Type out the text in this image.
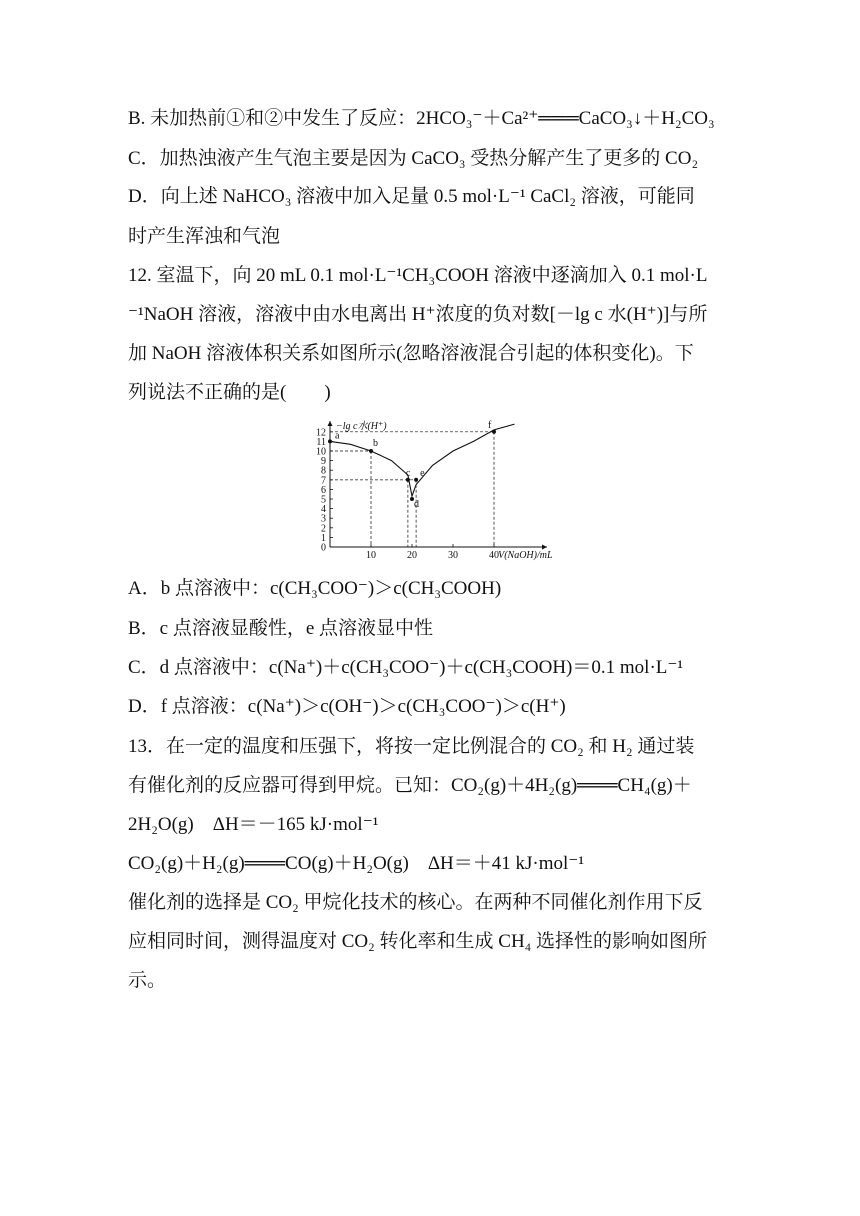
B. 未加热前①和②中发生了反应：2HCO₃⁻＋Ca²⁺═══CaCO₃↓＋H₂CO₃
C．加热浊液产生气泡主要是因为 CaCO₃ 受热分解产生了更多的 CO₂
D．向上述 NaHCO₃ 溶液中加入足量 0.5 mol·L⁻¹ CaCl₂ 溶液，可能同
时产生浑浊和气泡
12. 室温下，向 20 mL 0.1 mol·L⁻¹CH₃COOH 溶液中逐滴加入 0.1 mol·L
⁻¹NaOH 溶液，溶液中由水电离出 H⁺浓度的负对数[－lg c 水(H⁺)]与所
加 NaOH 溶液体积关系如图所示(忽略溶液混合引起的体积变化)。下
列说法不正确的是(　　)
0
1
2
3
4
5
6
7
8
9
10
11
12
10	20	30	40
−lg c水(H⁺)
V(NaOH)/mL
a
b
c
d
e
f
A．b 点溶液中：c(CH₃COO⁻)＞c(CH₃COOH)
B．c 点溶液显酸性，e 点溶液显中性
C．d 点溶液中：c(Na⁺)＋c(CH₃COO⁻)＋c(CH₃COOH)＝0.1 mol·L⁻¹
D．f 点溶液：c(Na⁺)＞c(OH⁻)＞c(CH₃COO⁻)＞c(H⁺)
13．在一定的温度和压强下，将按一定比例混合的 CO₂ 和 H₂ 通过装
有催化剂的反应器可得到甲烷。已知：CO₂(g)＋4H₂(g)═══CH₄(g)＋
2H₂O(g)　ΔH＝－165 kJ·mol⁻¹
CO₂(g)＋H₂(g)═══CO(g)＋H₂O(g)　ΔH＝＋41 kJ·mol⁻¹
催化剂的选择是 CO₂ 甲烷化技术的核心。在两种不同催化剂作用下反
应相同时间，测得温度对 CO₂ 转化率和生成 CH₄ 选择性的影响如图所
示。
